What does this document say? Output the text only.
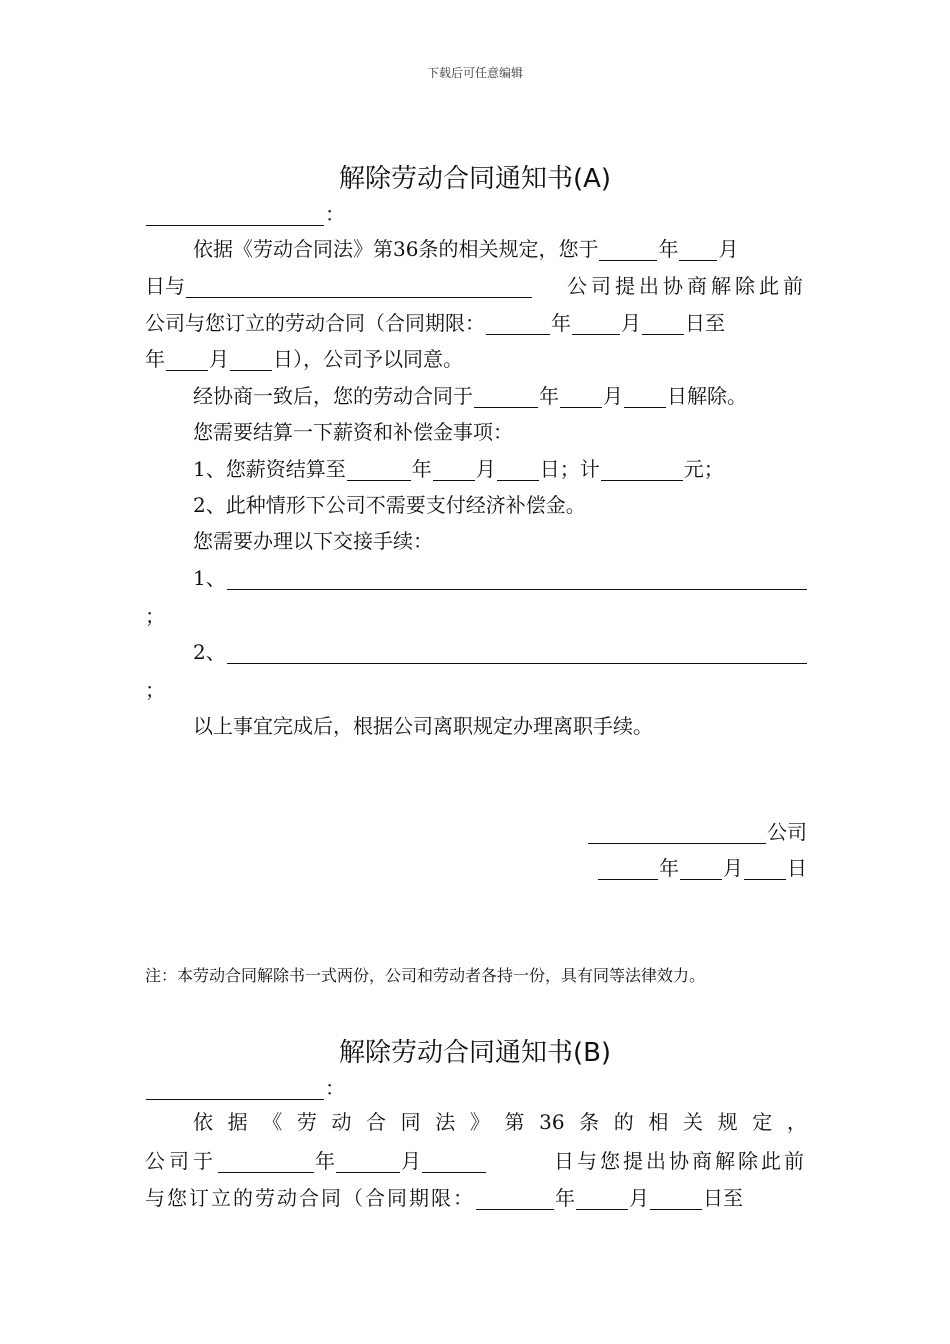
下载后可任意编辑
解除劳动合同通知书(A)
：
依据《劳动合同法》第36条的相关规定，您于	年 月
日与	公司提出协商解除此前
公司与您订立的劳动合同（合同期限：	年	月 日至
年 月 日），公司予以同意。
经协商一致后，您的劳动合同于	年 月 日解除。
您需要结算一下薪资和补偿金事项：
1、您薪资结算至	年 月 日；计	元；
2、此种情形下公司不需要支付经济补偿金。
您需要办理以下交接手续：
1、
；
2、
；
以上事宜完成后，根据公司离职规定办理离职手续。
公司
年 月 日
注：本劳动合同解除书一式两份，公司和劳动者各持一份，具有同等法律效力。
解除劳动合同通知书(B)
：
依 据 《 劳 动 合 同 法 》 第 36 条 的 相 关 规 定 ，
公司于	年	月	日与您提出协商解除此前
与您订立的劳动合同（合同期限：	年	月	日至
